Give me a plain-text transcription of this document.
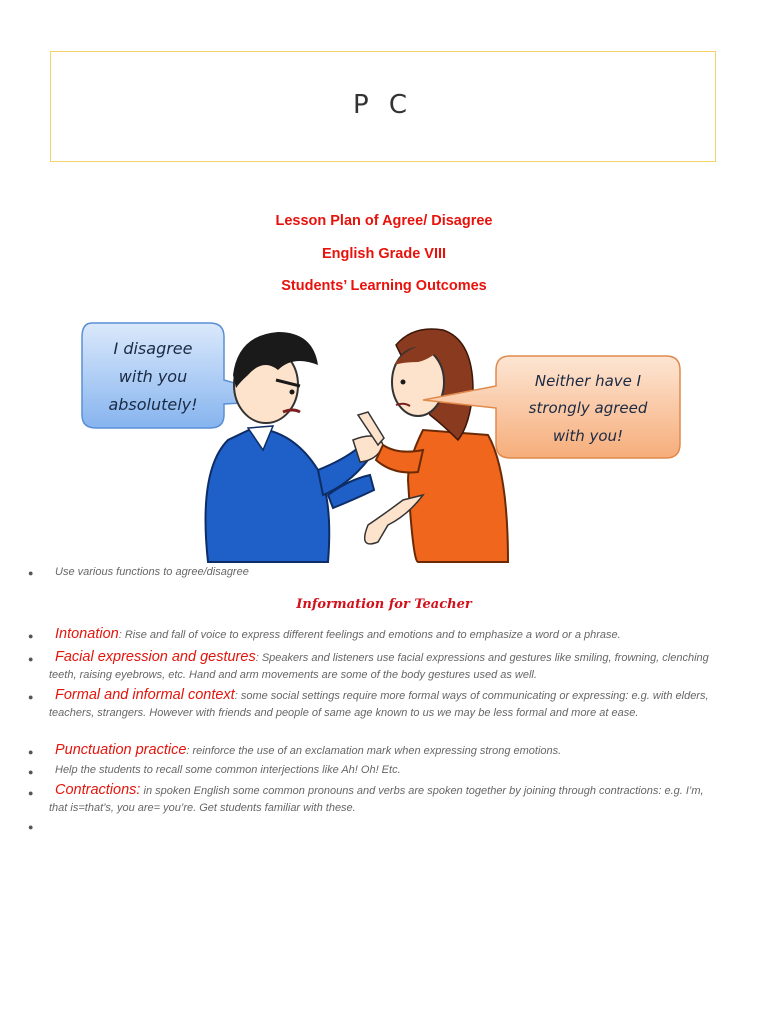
P C
Lesson Plan of Agree/ Disagree
English Grade VIII
Students’ Learning Outcomes
I disagree
with you
absolutely!
Neither have I
strongly agreed
with you!
● Use various functions to agree/disagree
Information for Teacher
●	Intonation: Rise and fall of voice to express different feelings and emotions and to emphasize a word or a phrase.
●	Facial expression and gestures: Speakers and listeners use facial expressions and gestures like smiling, frowning, clenching teeth, raising eyebrows, etc. Hand and arm movements are some of the body gestures used as well.
●	Formal and informal context: some social settings require more formal ways of communicating or expressing: e.g. with elders, teachers, strangers. However with friends and people of same age known to us we may be less formal and more at ease.
●	Punctuation practice: reinforce the use of an exclamation mark when expressing strong emotions.
●	Help the students to recall some common interjections like Ah! Oh! Etc.
●	Contractions: in spoken English some common pronouns and verbs are spoken together by joining through contractions: e.g. I’m, that is=that’s, you are= you’re. Get students familiar with these.
●
